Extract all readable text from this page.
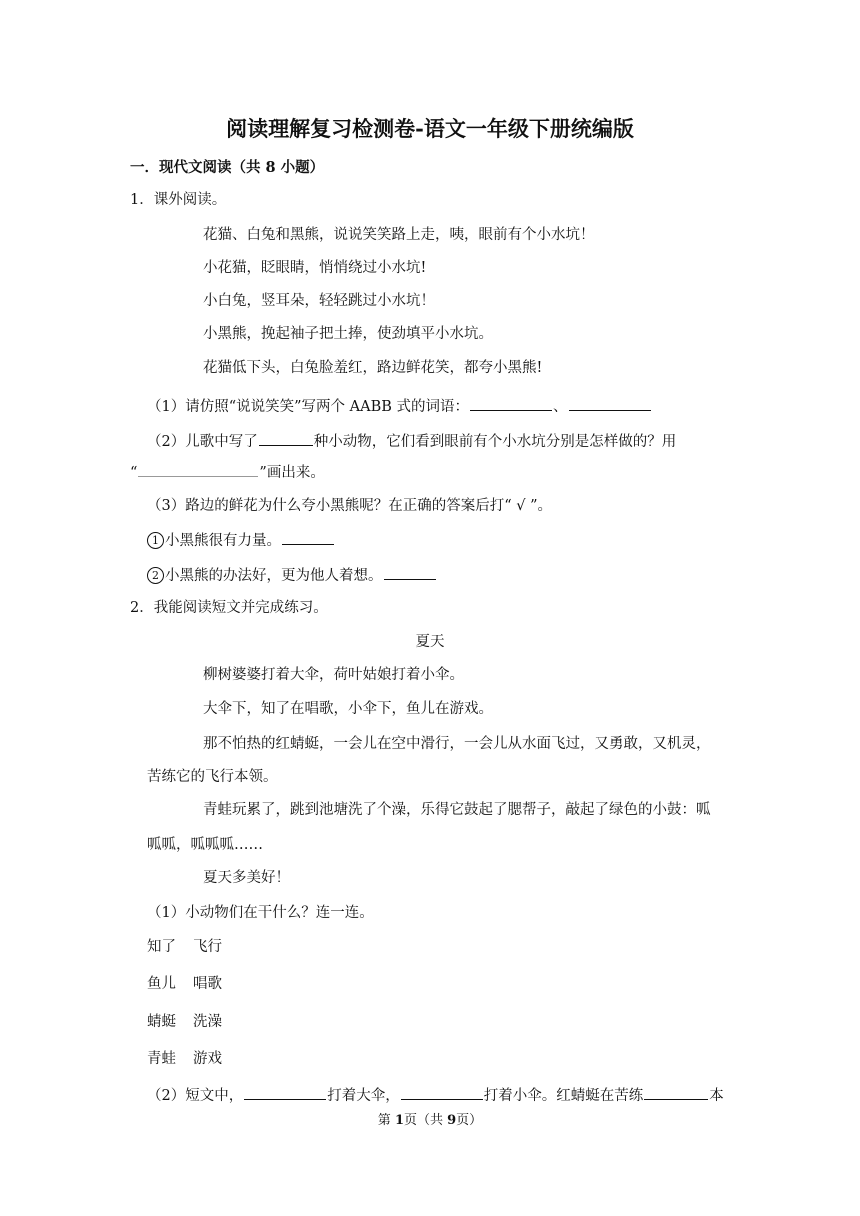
阅读理解复习检测卷-语文一年级下册统编版
一．现代文阅读（共 8 小题）
1．课外阅读。
花猫、白兔和黑熊，说说笑笑路上走，咦，眼前有个小水坑！
小花猫，眨眼睛，悄悄绕过小水坑!
小白兔，竖耳朵，轻轻跳过小水坑！
小黑熊，挽起袖子把土捧，使劲填平小水坑。
花猫低下头，白兔脸羞红，路边鲜花笑，都夸小黑熊!
（1）请仿照“说说笑笑”写两个 AABB 式的词语：	、
（2）儿歌中写了	种小动物，它们看到眼前有个小水坑分别是怎样做的？用
“	”画出来。
（3）路边的鲜花为什么夸小黑熊呢？在正确的答案后打“ √ ”。
1 小黑熊很有力量。
2 小黑熊的办法好，更为他人着想。
2．我能阅读短文并完成练习。
夏天
柳树婆婆打着大伞，荷叶姑娘打着小伞。
大伞下，知了在唱歌，小伞下，鱼儿在游戏。
那不怕热的红蜻蜓，一会儿在空中滑行，一会儿从水面飞过，又勇敢，又机灵，
苦练它的飞行本领。
青蛙玩累了，跳到池塘洗了个澡，乐得它鼓起了腮帮子，敲起了绿色的小鼓：呱
呱呱，呱呱呱……
夏天多美好！
（1）小动物们在干什么？连一连。
知了 飞行
鱼儿 唱歌
蜻蜓 洗澡
青蛙 游戏
（2）短文中，	打着大伞，	打着小伞。红蜻蜓在苦练	本
第 1页（共 9页）
